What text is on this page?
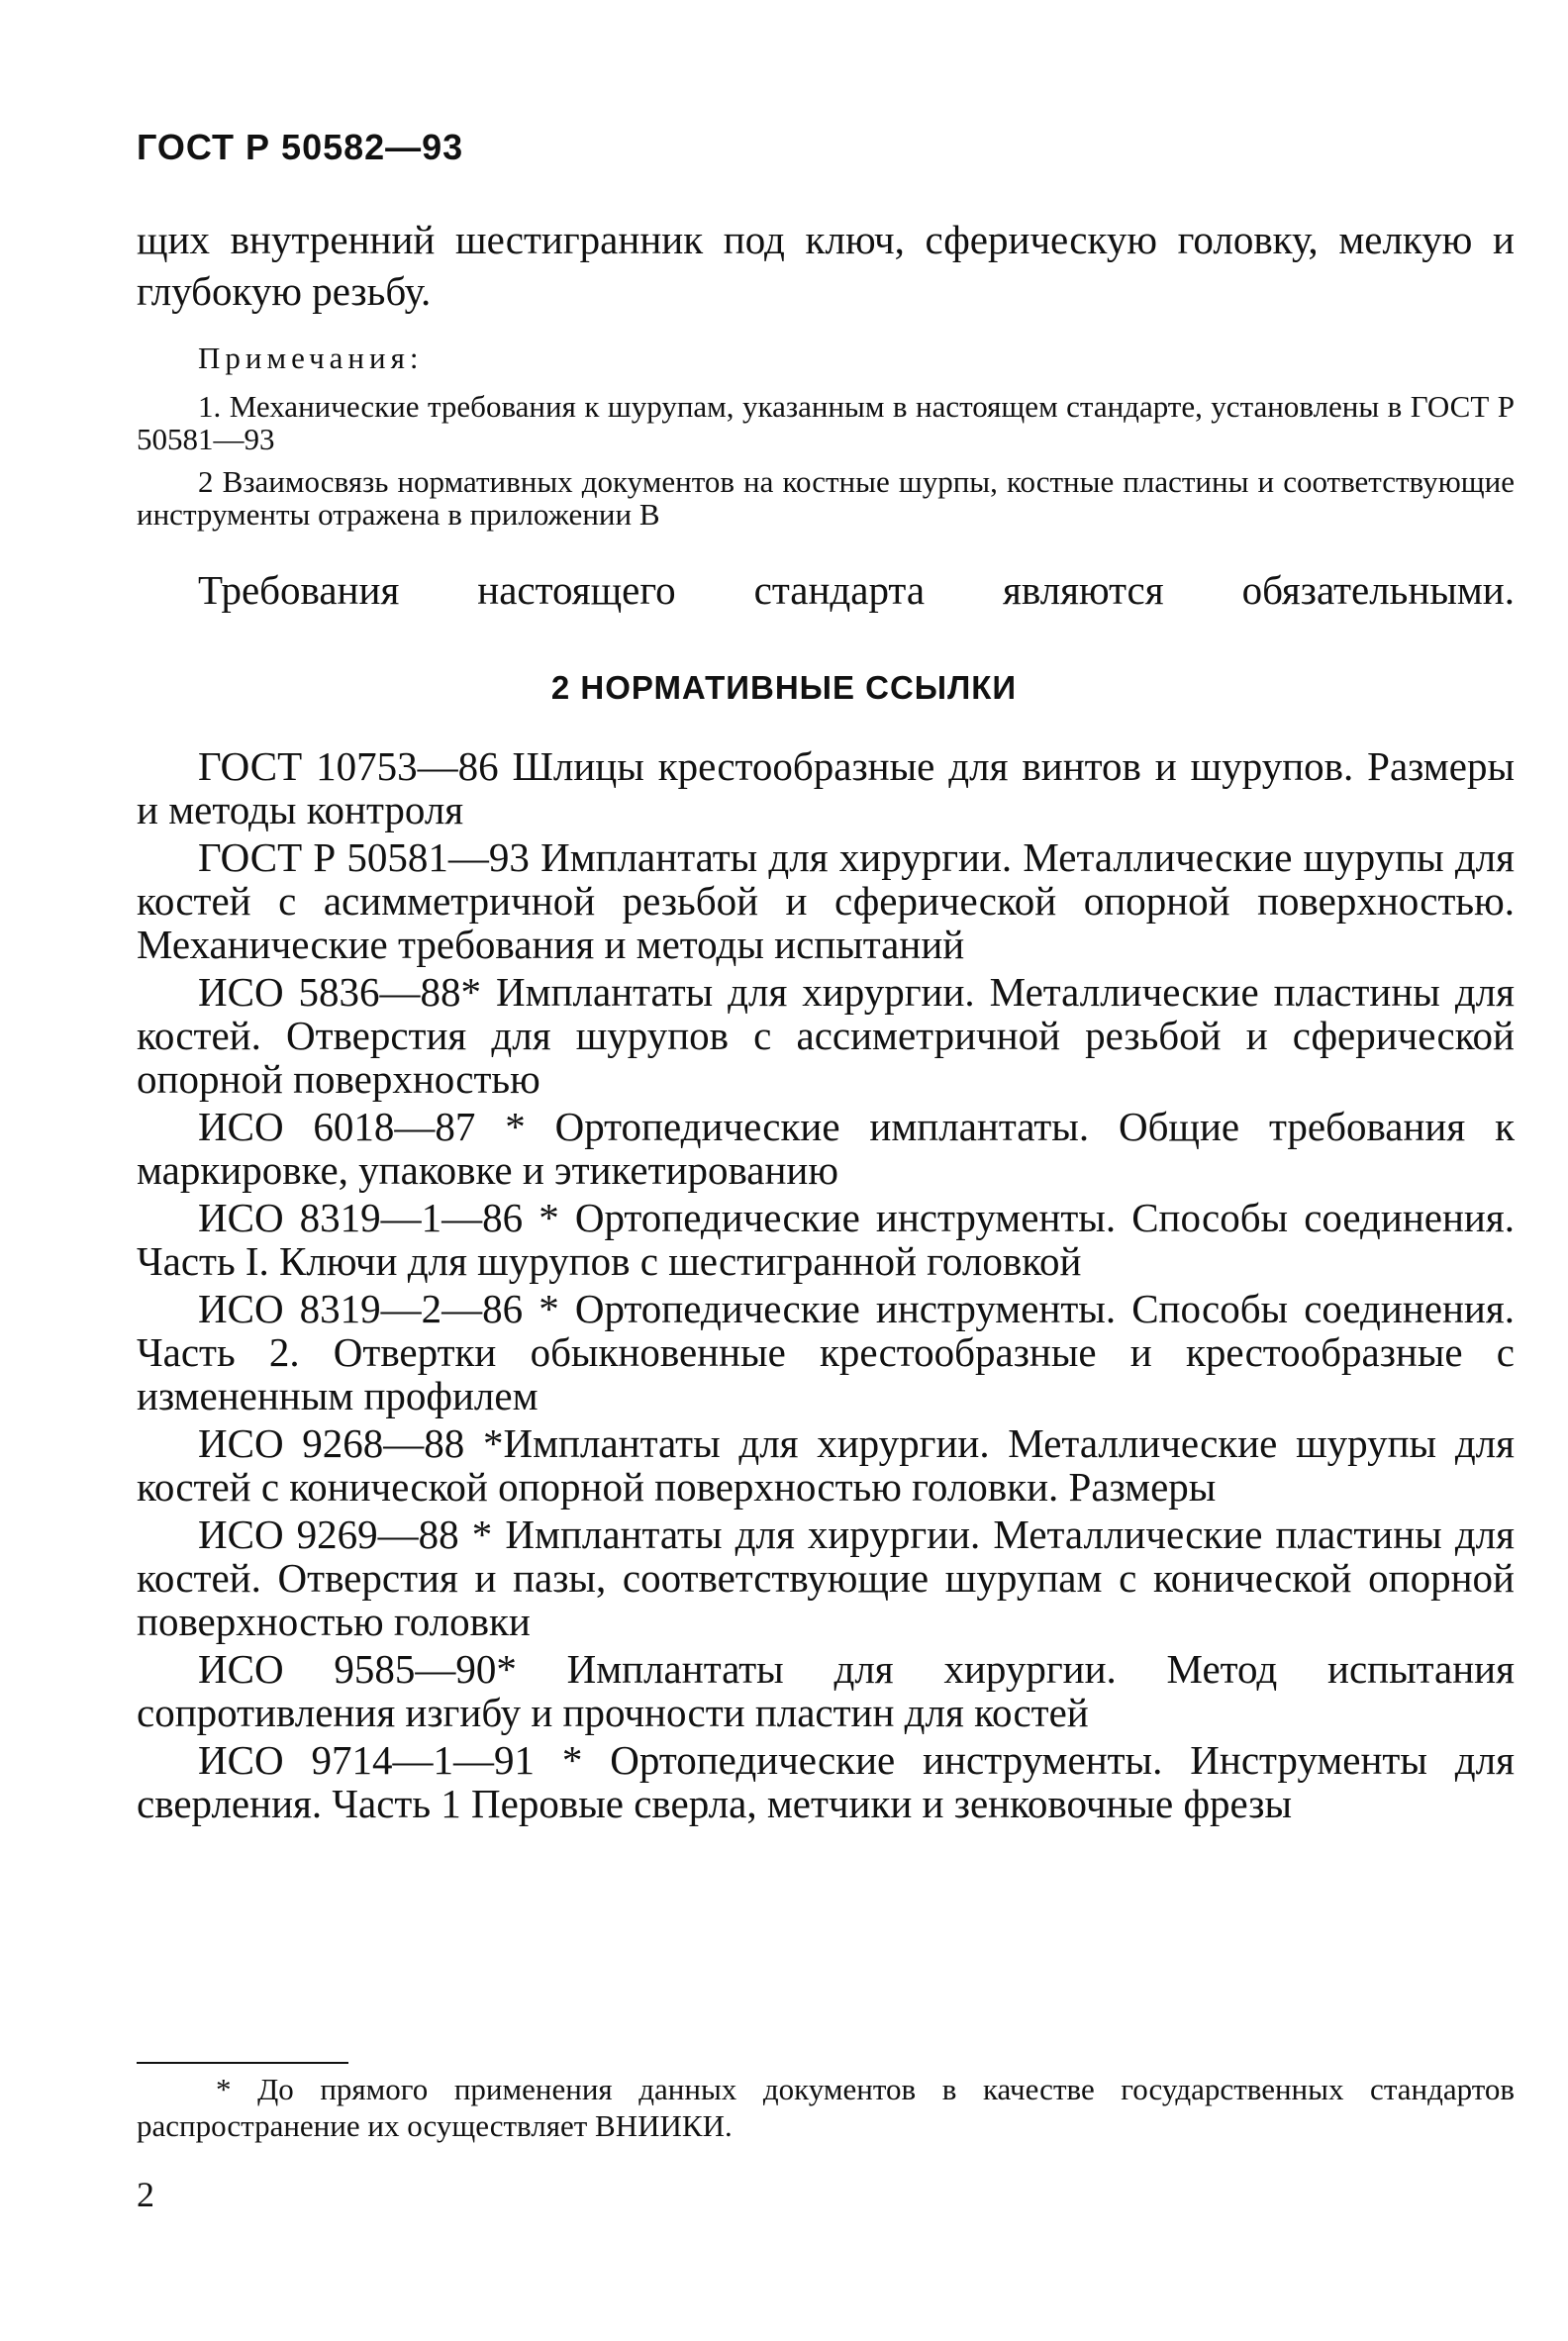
ГОСТ Р 50582—93
щих внутренний шестигранник под ключ, сферическую головку, мелкую и глубокую резьбу.
Примечания:
1. Механические требования к шурупам, указанным в настоящем стандарте, установлены в ГОСТ Р 50581—93
2 Взаимосвязь нормативных документов на костные шурпы, костные пластины и соответствующие инструменты отражена в приложении В
Требования настоящего стандарта являются обязательными.
2 НОРМАТИВНЫЕ ССЫЛКИ

ГОСТ 10753—86 Шлицы крестообразные для винтов и шурупов. Размеры и методы контроля

ГОСТ Р 50581—93 Имплантаты для хирургии. Металлические шурупы для костей с асимметричной резьбой и сферической опорной поверхностью. Механические требования и методы испытаний

ИСО 5836—88* Имплантаты для хирургии. Металлические пластины для костей. Отверстия для шурупов с ассиметричной резьбой и сферической опорной поверхностью

ИСО 6018—87 * Ортопедические имплантаты. Общие требования к маркировке, упаковке и этикетированию

ИСО 8319—1—86 * Ортопедические инструменты. Способы соединения. Часть I. Ключи для шурупов с шестигранной головкой

ИСО 8319—2—86 * Ортопедические инструменты. Способы соединения. Часть 2. Отвертки обыкновенные крестообразные и крестообразные с измененным профилем

ИСО 9268—88 *Имплантаты для хирургии. Металлические шурупы для костей с конической опорной поверхностью головки. Размеры

ИСО 9269—88 * Имплантаты для хирургии. Металлические пластины для костей. Отверстия и пазы, соответствующие шурупам с конической опорной поверхностью головки

ИСО 9585—90* Имплантаты для хирургии. Метод испытания сопротивления изгибу и прочности пластин для костей

ИСО 9714—1—91 * Ортопедические инструменты. Инструменты для сверления. Часть 1 Перовые сверла, метчики и зенковочные фрезы

* До прямого применения данных документов в качестве государственных стандартов распространение их осуществляет ВНИИКИ.
2
